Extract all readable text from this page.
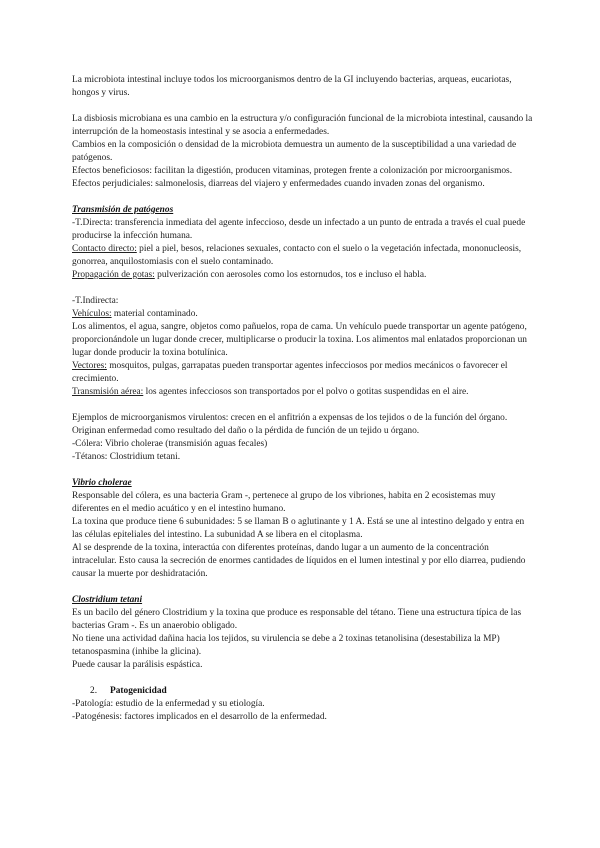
La microbiota intestinal incluye todos los microorganismos dentro de la GI incluyendo bacterias, arqueas, eucariotas, hongos y virus.

La disbiosis microbiana es una cambio en la estructura y/o configuración funcional de la microbiota intestinal, causando la interrupción de la homeostasis intestinal y se asocia a enfermedades.

Cambios en la composición o densidad de la microbiota demuestra un aumento de la susceptibilidad a una variedad de patógenos.

Efectos beneficiosos: facilitan la digestión, producen vitaminas, protegen frente a colonización por microorganismos.

Efectos perjudiciales: salmonelosis, diarreas del viajero y enfermedades cuando invaden zonas del organismo.

Transmisión de patógenos

-T.Directa: transferencia inmediata del agente infeccioso, desde un infectado a un punto de entrada a través el cual puede producirse la infección humana.

Contacto directo: piel a piel, besos, relaciones sexuales, contacto con el suelo o la vegetación infectada, mononucleosis, gonorrea, anquilostomiasis con el suelo contaminado.

Propagación de gotas: pulverización con aerosoles como los estornudos, tos e incluso el habla.

-T.Indirecta:

Vehículos: material contaminado.

Los alimentos, el agua, sangre, objetos como pañuelos, ropa de cama. Un vehículo puede transportar un agente patógeno, proporcionándole un lugar donde crecer, multiplicarse o producir la toxina. Los alimentos mal enlatados proporcionan un lugar donde producir la toxina botulínica.

Vectores: mosquitos, pulgas, garrapatas pueden transportar agentes infecciosos por medios mecánicos o favorecer el crecimiento.

Transmisión aérea: los agentes infecciosos son transportados por el polvo o gotitas suspendidas en el aire.

Ejemplos de microorganismos virulentos: crecen en el anfitrión a expensas de los tejidos o de la función del órgano. Originan enfermedad como resultado del daño o la pérdida de función de un tejido u órgano.

-Cólera: Vibrio cholerae (transmisión aguas fecales)

-Tétanos: Clostridium tetani.

Vibrio cholerae

Responsable del cólera, es una bacteria Gram -, pertenece al grupo de los vibriones, habita en 2 ecosistemas muy diferentes en el medio acuático y en el intestino humano.

La toxina que produce tiene 6 subunidades: 5 se llaman B o aglutinante y 1 A. Está se une al intestino delgado y entra en las células epiteliales del intestino. La subunidad A se libera en el citoplasma.

Al se desprende de la toxina, interactúa con diferentes proteínas, dando lugar a un aumento de la concentración intracelular. Esto causa la secreción de enormes cantidades de líquidos en el lumen intestinal y por ello diarrea, pudiendo causar la muerte por deshidratación.

Clostridium tetani

Es un bacilo del género Clostridium y la toxina que produce es responsable del tétano. Tiene una estructura típica de las bacterias Gram -. Es un anaerobio obligado.

No tiene una actividad dañina hacia los tejidos, su virulencia se debe a 2 toxinas tetanolisina (desestabiliza la MP) tetanospasmina (inhibe la glicina).

Puede causar la parálisis espástica.

2. Patogenicidad

-Patología: estudio de la enfermedad y su etiología.

-Patogénesis: factores implicados en el desarrollo de la enfermedad.
